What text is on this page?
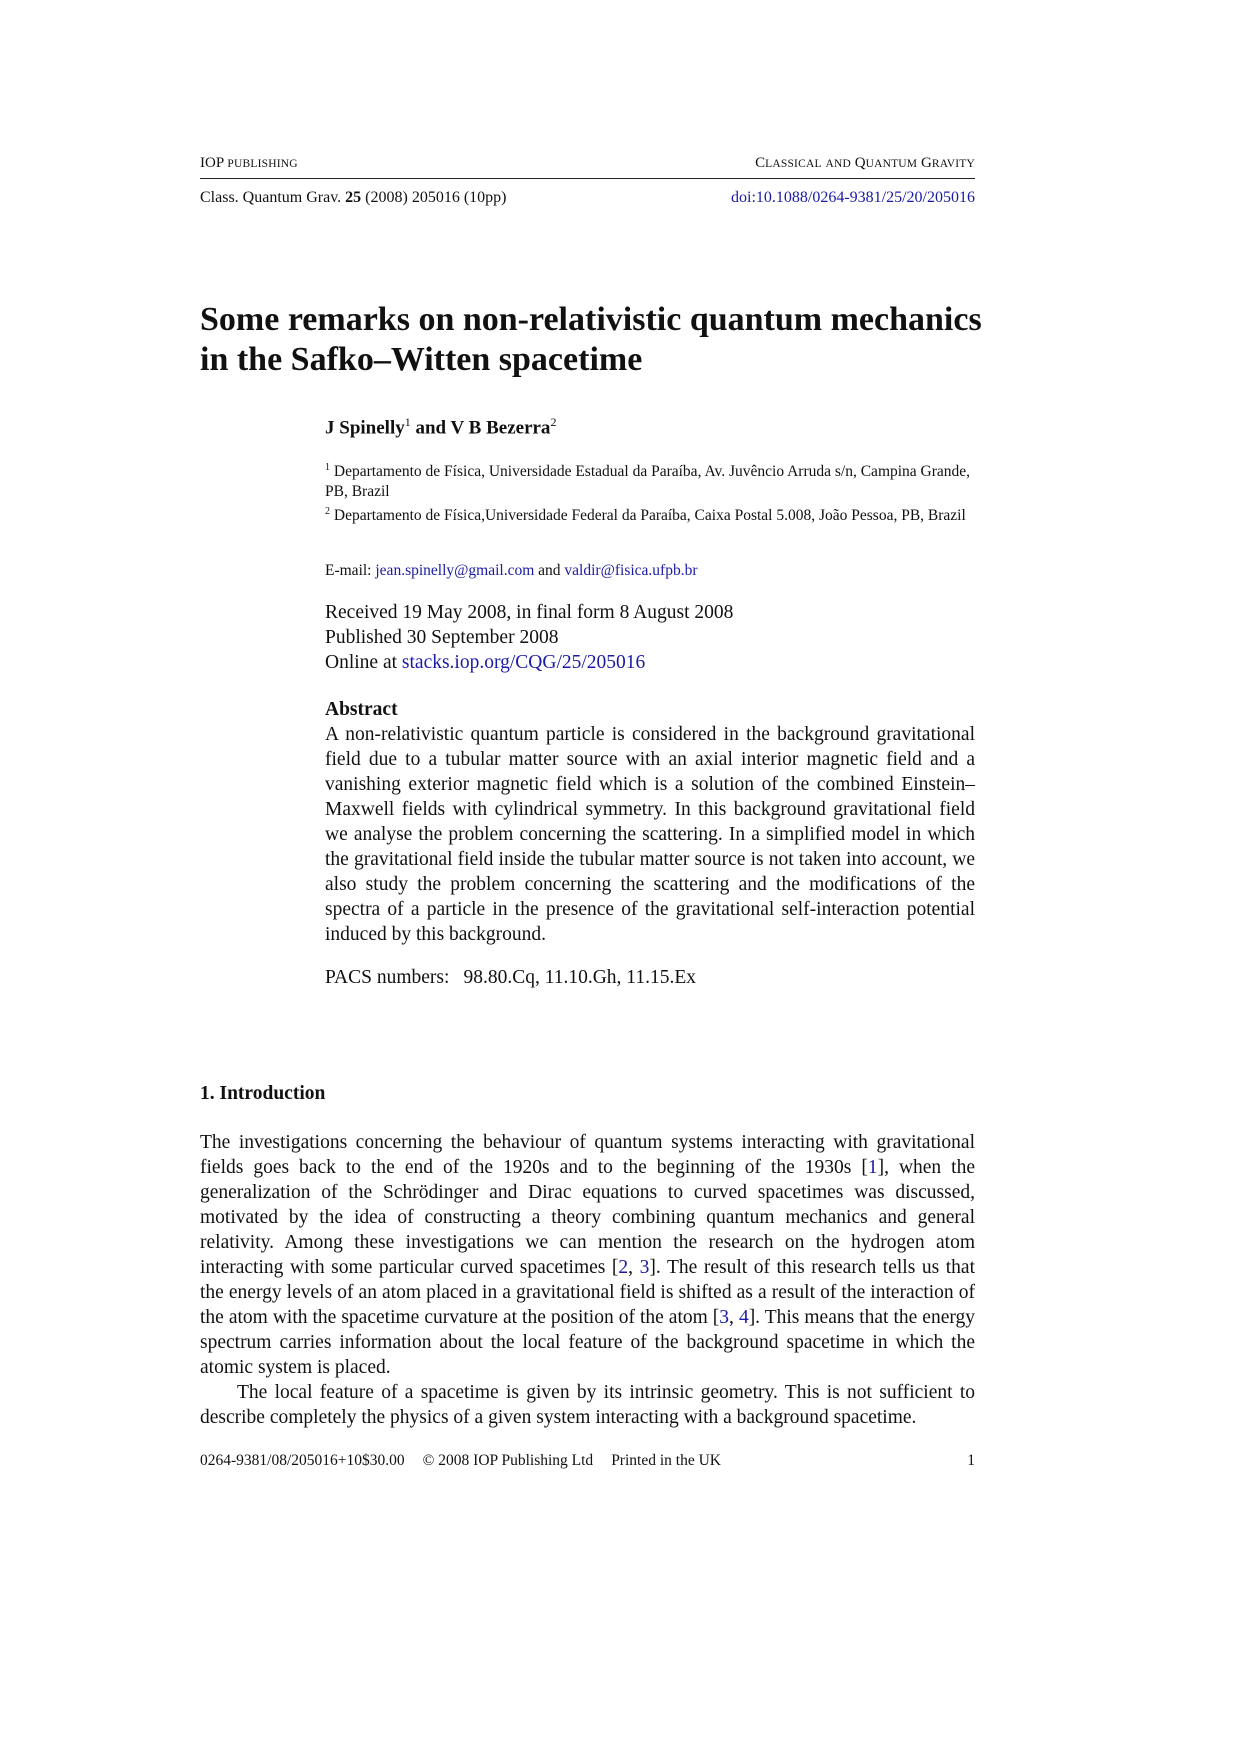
IOP PUBLISHING	CLASSICAL AND QUANTUM GRAVITY
Class. Quantum Grav. 25 (2008) 205016 (10pp)	doi:10.1088/0264-9381/25/20/205016
Some remarks on non-relativistic quantum mechanics in the Safko–Witten spacetime
J Spinelly$^1$ and V B Bezerra$^2$
$^1$ Departamento de Física, Universidade Estadual da Paraíba, Av. Juvêncio Arruda s/n, Campina Grande, PB, Brazil
$^2$ Departamento de Física,Universidade Federal da Paraíba, Caixa Postal 5.008, João Pessoa, PB, Brazil
E-mail: jean.spinelly@gmail.com and valdir@fisica.ufpb.br
Received 19 May 2008, in final form 8 August 2008
Published 30 September 2008
Online at stacks.iop.org/CQG/25/205016
Abstract

A non-relativistic quantum particle is considered in the background gravitational field due to a tubular matter source with an axial interior magnetic field and a vanishing exterior magnetic field which is a solution of the combined Einstein–Maxwell fields with cylindrical symmetry. In this background gravitational field we analyse the problem concerning the scattering. In a simplified model in which the gravitational field inside the tubular matter source is not taken into account, we also study the problem concerning the scattering and the modifications of the spectra of a particle in the presence of the gravitational self-interaction potential induced by this background.

PACS numbers: 98.80.Cq, 11.10.Gh, 11.15.Ex
1. Introduction

The investigations concerning the behaviour of quantum systems interacting with gravitational fields goes back to the end of the 1920s and to the beginning of the 1930s [1], when the generalization of the Schrödinger and Dirac equations to curved spacetimes was discussed, motivated by the idea of constructing a theory combining quantum mechanics and general relativity. Among these investigations we can mention the research on the hydrogen atom interacting with some particular curved spacetimes [2, 3]. The result of this research tells us that the energy levels of an atom placed in a gravitational field is shifted as a result of the interaction of the atom with the spacetime curvature at the position of the atom [3, 4]. This means that the energy spectrum carries information about the local feature of the background spacetime in which the atomic system is placed.

The local feature of a spacetime is given by its intrinsic geometry. This is not sufficient to describe completely the physics of a given system interacting with a background spacetime.

0264-9381/08/205016+10$30.00 © 2008 IOP Publishing Ltd Printed in the UK	1
